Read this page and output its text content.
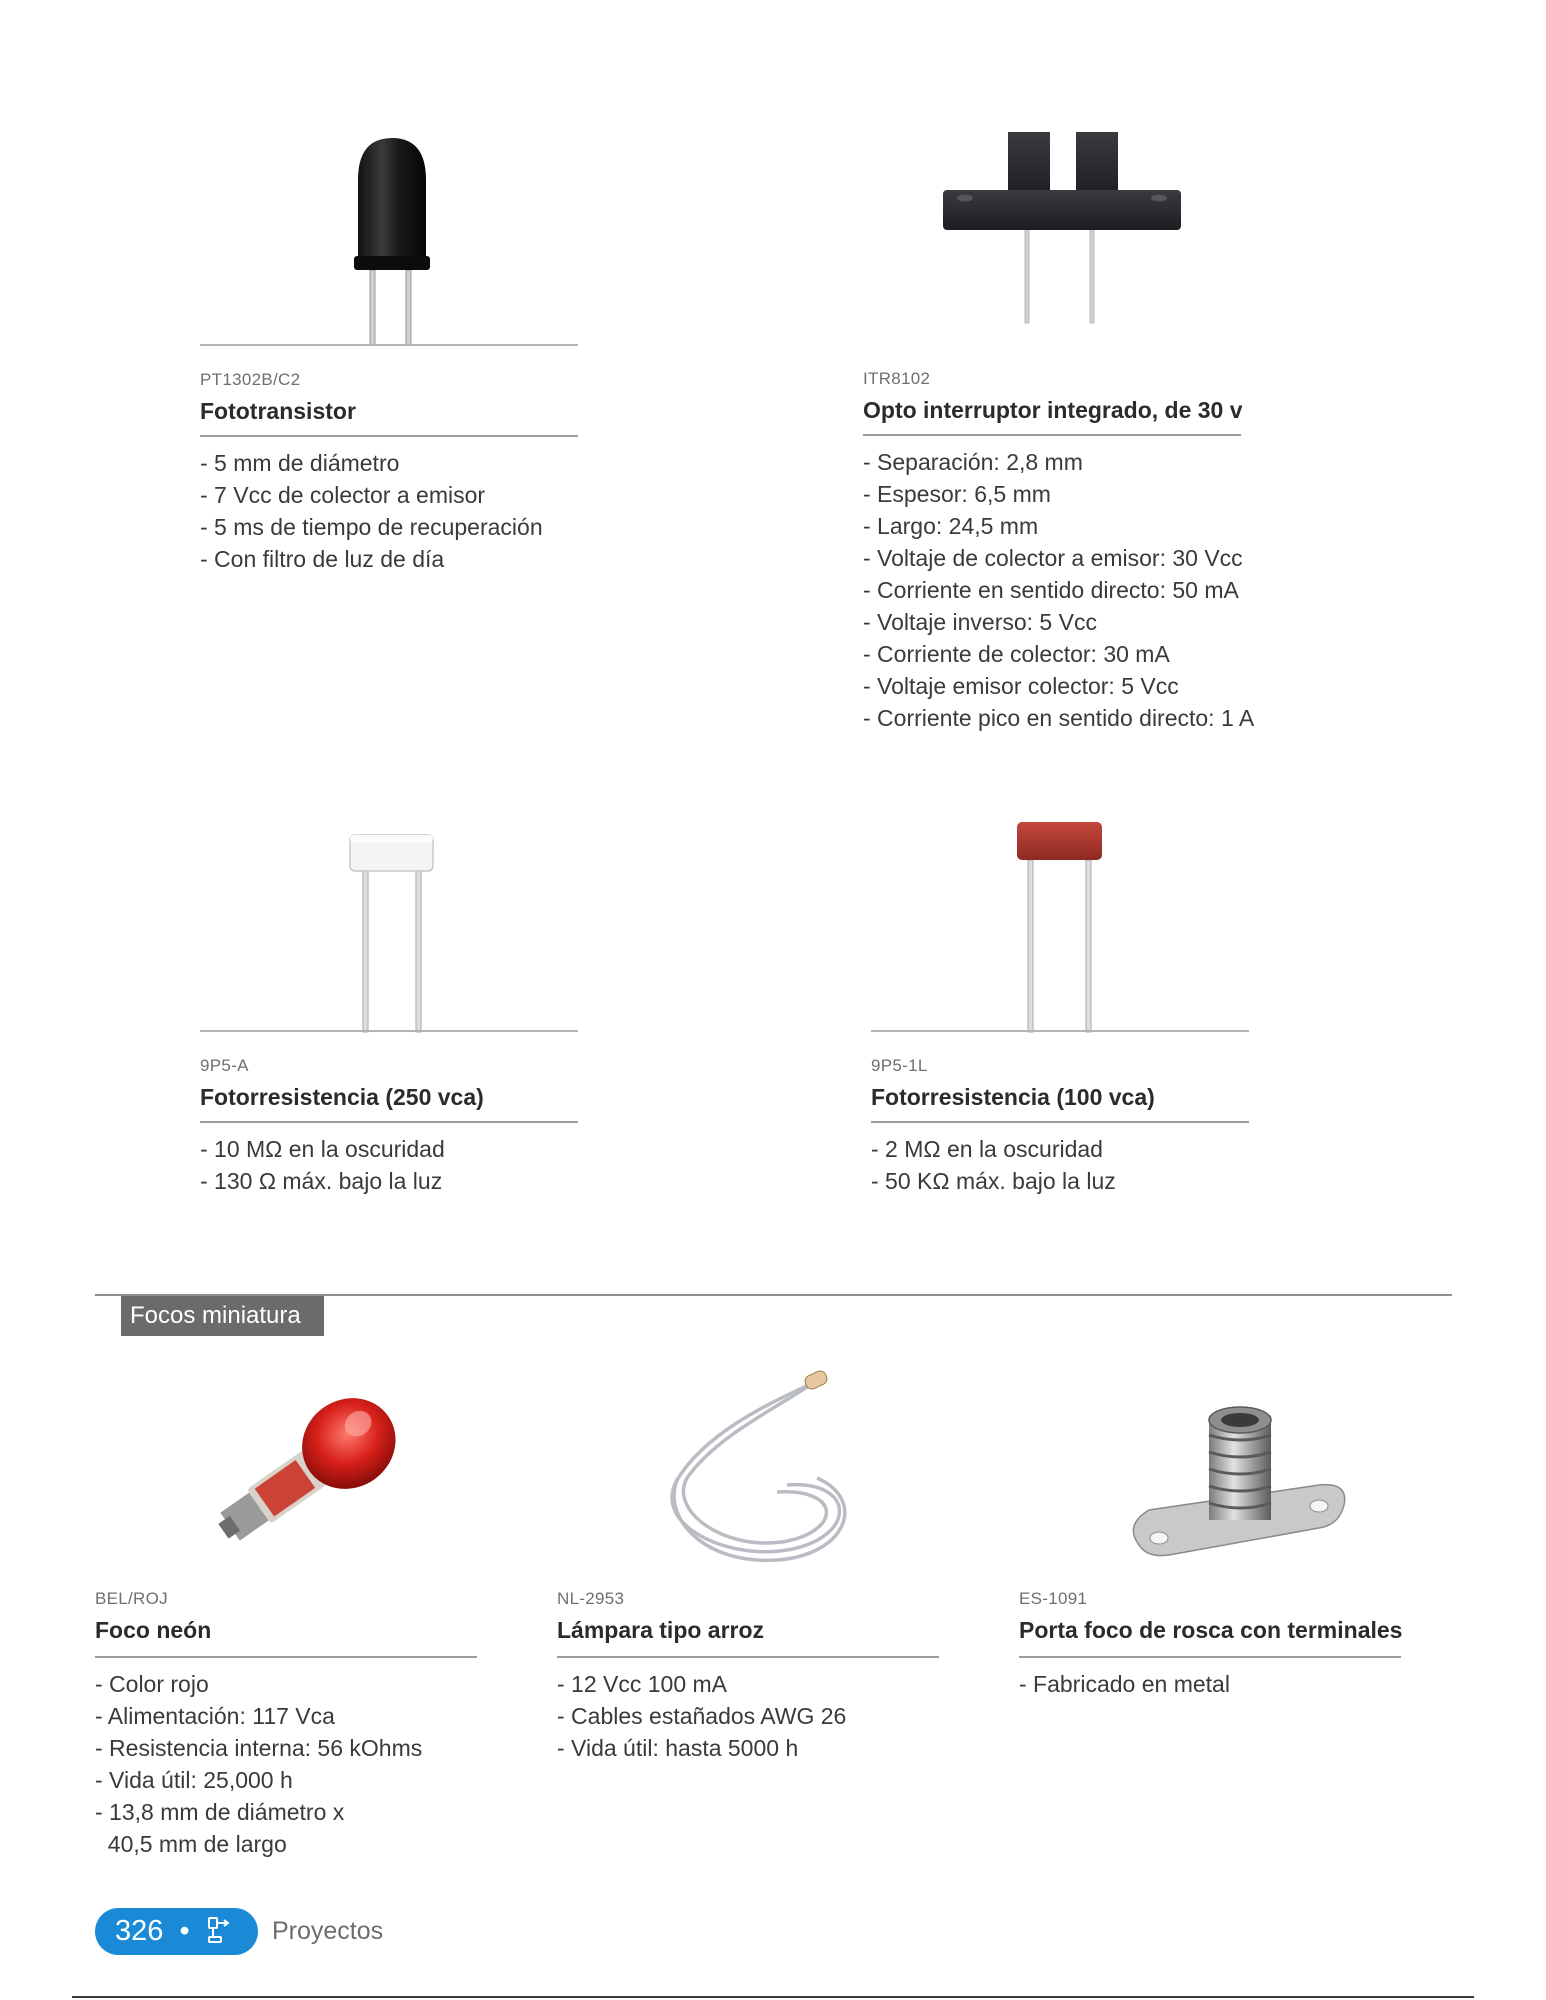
PT1302B/C2
Fototransistor
- 5 mm de diámetro
- 7 Vcc de colector a emisor
- 5 ms de tiempo de recuperación
- Con filtro de luz de día
ITR8102
Opto interruptor integrado, de 30 v
- Separación: 2,8 mm
- Espesor: 6,5 mm
- Largo: 24,5 mm
- Voltaje de colector a emisor: 30 Vcc
- Corriente en sentido directo: 50 mA
- Voltaje inverso: 5 Vcc
- Corriente de colector: 30 mA
- Voltaje emisor colector: 5 Vcc
- Corriente pico en sentido directo: 1 A
9P5-A
Fotorresistencia (250 vca)
- 10 MΩ en la oscuridad
- 130 Ω máx. bajo la luz
9P5-1L
Fotorresistencia (100 vca)
- 2 MΩ en la oscuridad
- 50 KΩ máx. bajo la luz
Focos miniatura
BEL/ROJ
Foco neón
- Color rojo
- Alimentación: 117 Vca
- Resistencia interna: 56 kOhms
- Vida útil: 25,000 h
- 13,8 mm de diámetro x
40,5 mm de largo
NL-2953
Lámpara tipo arroz
- 12 Vcc 100 mA
- Cables estañados AWG 26
- Vida útil: hasta 5000 h
ES-1091
Porta foco de rosca con terminales
- Fabricado en metal
326 •	Proyectos
